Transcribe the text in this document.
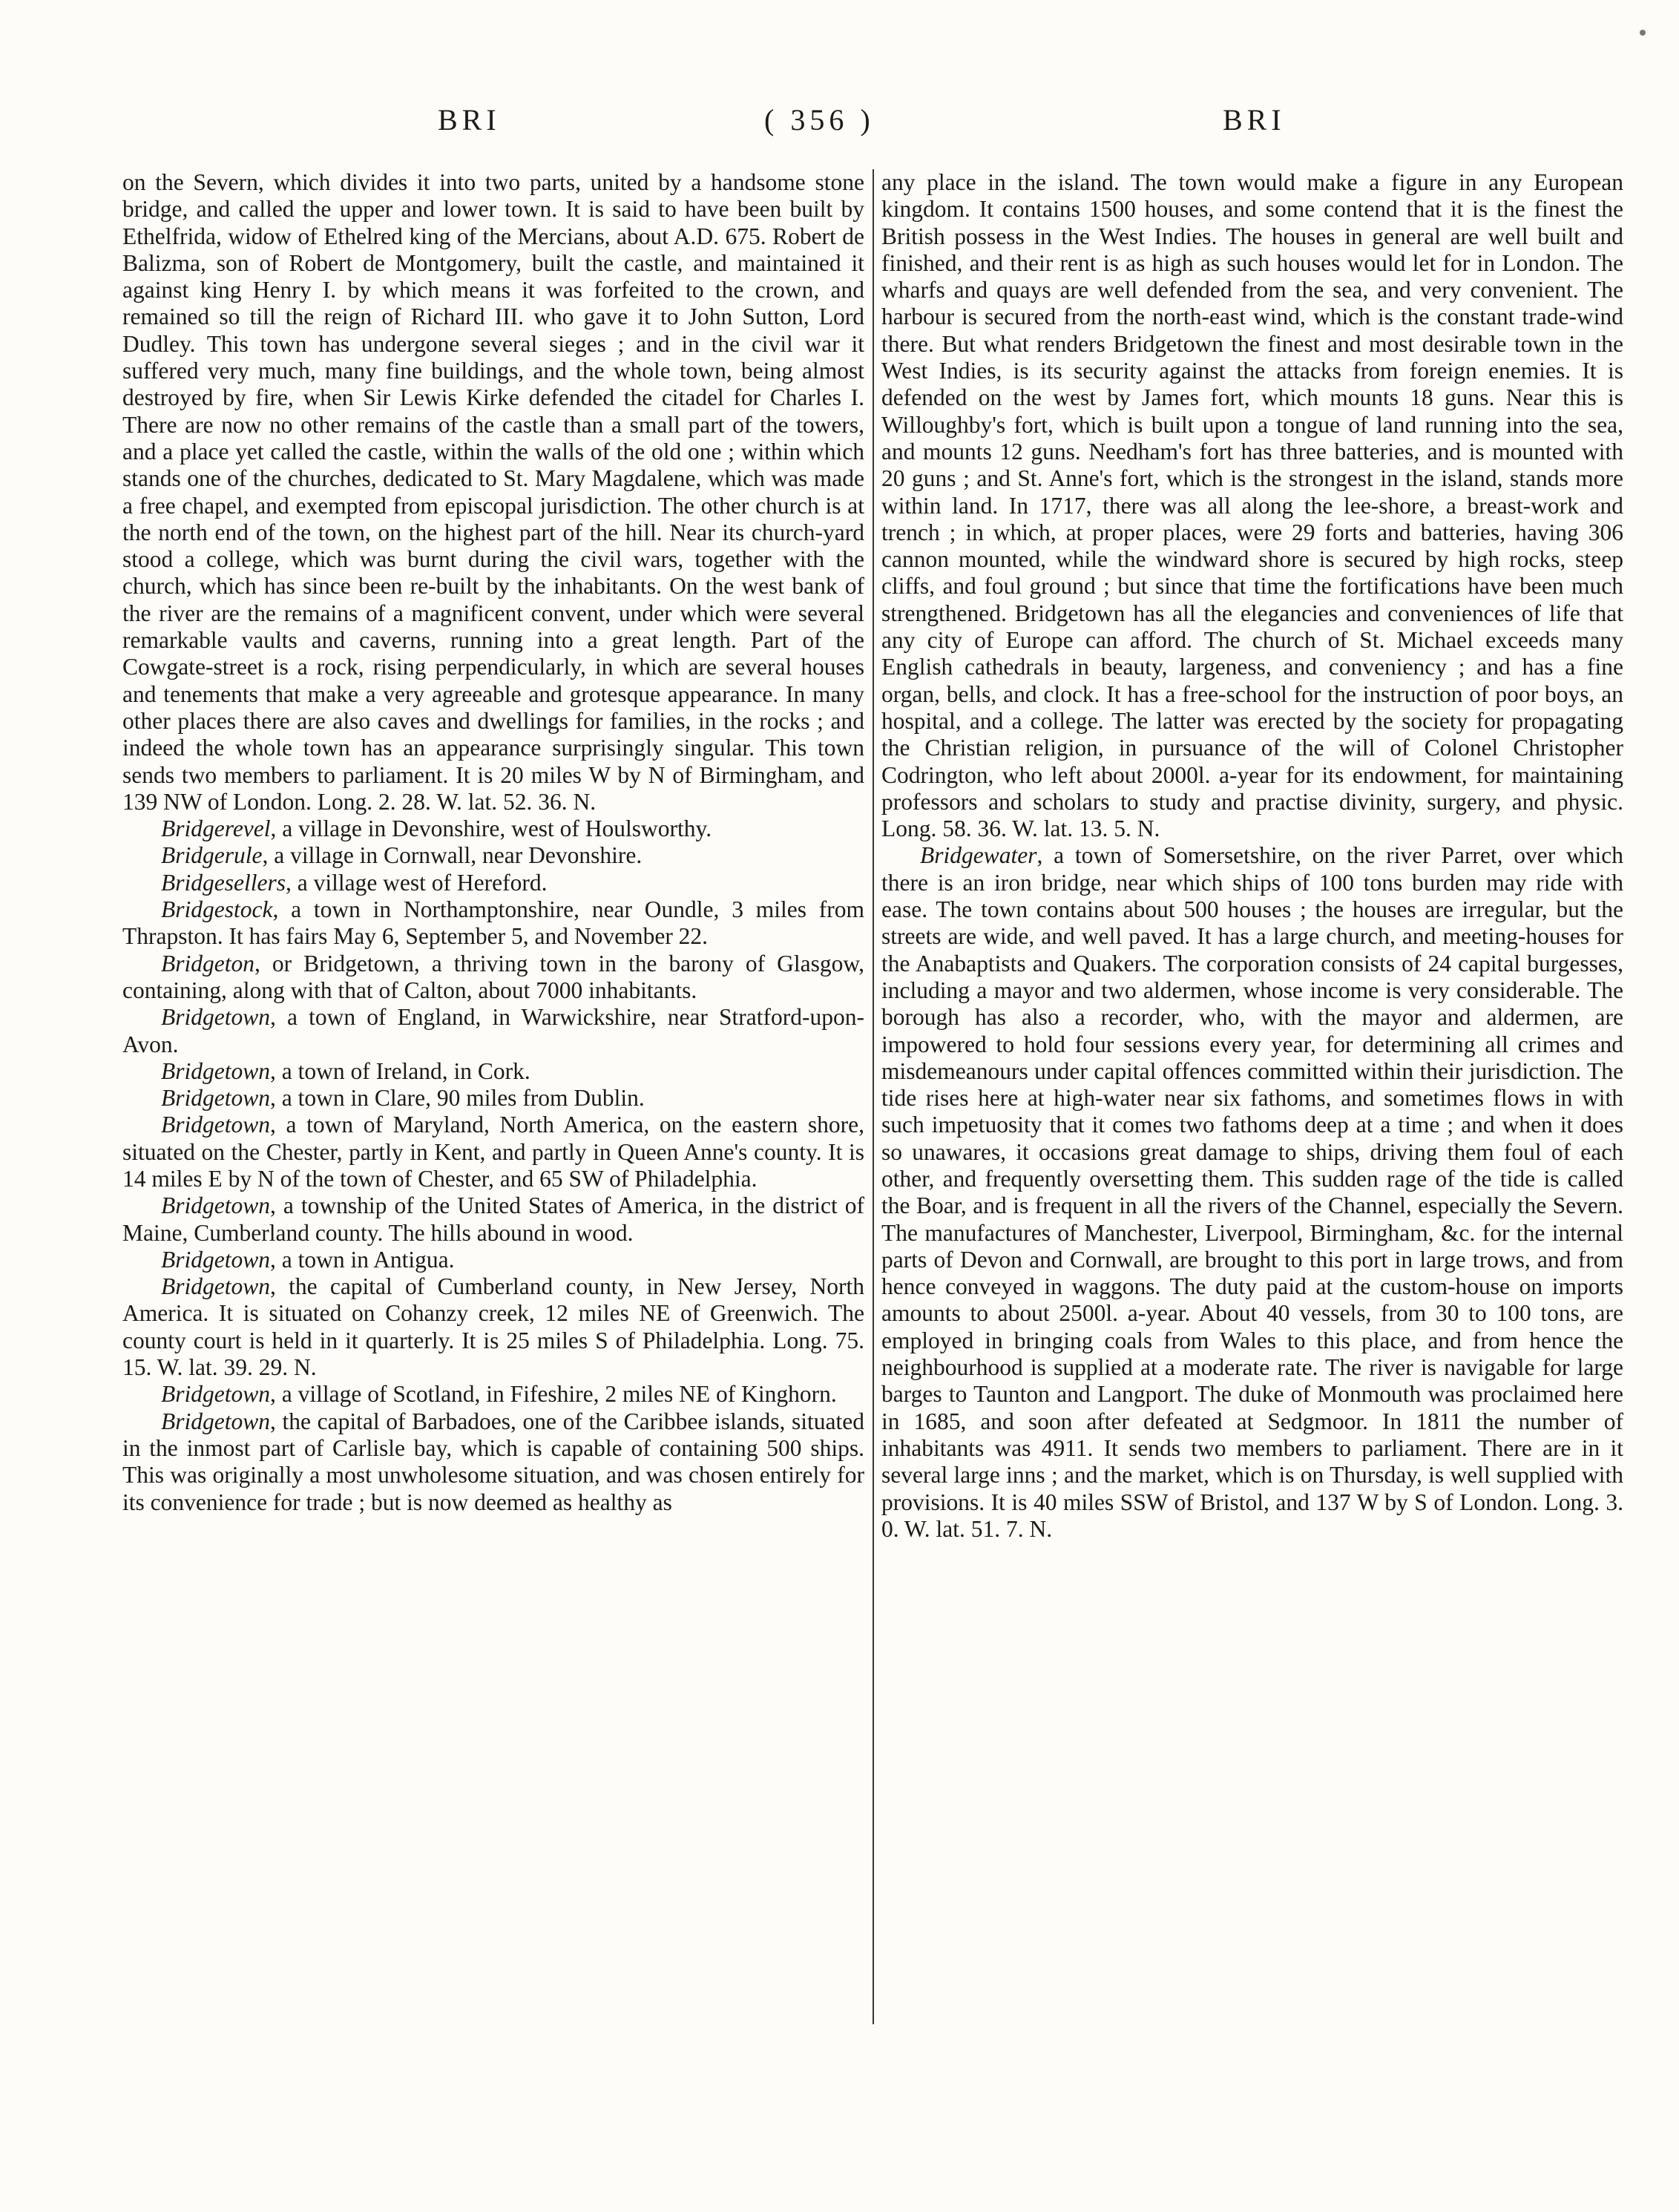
BRI	( 356 )	BRI

on the Severn, which divides it into two parts, united by a handsome stone bridge, and called the upper and lower town. It is said to have been built by Ethelfrida, widow of Ethelred king of the Mercians, about A.D. 675. Robert de Balizma, son of Robert de Montgomery, built the castle, and maintained it against king Henry I. by which means it was forfeited to the crown, and remained so till the reign of Richard III. who gave it to John Sutton, Lord Dudley. This town has undergone several sieges ; and in the civil war it suffered very much, many fine buildings, and the whole town, being almost destroyed by fire, when Sir Lewis Kirke defended the citadel for Charles I. There are now no other remains of the castle than a small part of the towers, and a place yet called the castle, within the walls of the old one ; within which stands one of the churches, dedicated to St. Mary Magdalene, which was made a free chapel, and exempted from episcopal jurisdiction. The other church is at the north end of the town, on the highest part of the hill. Near its church-yard stood a college, which was burnt during the civil wars, together with the church, which has since been re-built by the inhabitants. On the west bank of the river are the remains of a magnificent convent, under which were several remarkable vaults and caverns, running into a great length. Part of the Cowgate-street is a rock, rising perpendicularly, in which are several houses and tenements that make a very agreeable and grotesque appearance. In many other places there are also caves and dwellings for families, in the rocks ; and indeed the whole town has an appearance surprisingly singular. This town sends two members to parliament. It is 20 miles W by N of Birmingham, and 139 NW of London. Long. 2. 28. W. lat. 52. 36. N.

Bridgerevel, a village in Devonshire, west of Houlsworthy.

Bridgerule, a village in Cornwall, near Devonshire.

Bridgesellers, a village west of Hereford.

Bridgestock, a town in Northamptonshire, near Oundle, 3 miles from Thrapston. It has fairs May 6, September 5, and November 22.

Bridgeton, or Bridgetown, a thriving town in the barony of Glasgow, containing, along with that of Calton, about 7000 inhabitants.

Bridgetown, a town of England, in Warwickshire, near Stratford-upon-Avon.

Bridgetown, a town of Ireland, in Cork.

Bridgetown, a town in Clare, 90 miles from Dublin.

Bridgetown, a town of Maryland, North America, on the eastern shore, situated on the Chester, partly in Kent, and partly in Queen Anne's county. It is 14 miles E by N of the town of Chester, and 65 SW of Philadelphia.

Bridgetown, a township of the United States of America, in the district of Maine, Cumberland county. The hills abound in wood.

Bridgetown, a town in Antigua.

Bridgetown, the capital of Cumberland county, in New Jersey, North America. It is situated on Cohanzy creek, 12 miles NE of Greenwich. The county court is held in it quarterly. It is 25 miles S of Philadelphia. Long. 75. 15. W. lat. 39. 29. N.

Bridgetown, a village of Scotland, in Fifeshire, 2 miles NE of Kinghorn.

Bridgetown, the capital of Barbadoes, one of the Caribbee islands, situated in the inmost part of Carlisle bay, which is capable of containing 500 ships. This was originally a most unwholesome situation, and was chosen entirely for its convenience for trade ; but is now deemed as healthy as

any place in the island. The town would make a figure in any European kingdom. It contains 1500 houses, and some contend that it is the finest the British possess in the West Indies. The houses in general are well built and finished, and their rent is as high as such houses would let for in London. The wharfs and quays are well defended from the sea, and very convenient. The harbour is secured from the north-east wind, which is the constant trade-wind there. But what renders Bridgetown the finest and most desirable town in the West Indies, is its security against the attacks from foreign enemies. It is defended on the west by James fort, which mounts 18 guns. Near this is Willoughby's fort, which is built upon a tongue of land running into the sea, and mounts 12 guns. Needham's fort has three batteries, and is mounted with 20 guns ; and St. Anne's fort, which is the strongest in the island, stands more within land. In 1717, there was all along the lee-shore, a breast-work and trench ; in which, at proper places, were 29 forts and batteries, having 306 cannon mounted, while the windward shore is secured by high rocks, steep cliffs, and foul ground ; but since that time the fortifications have been much strengthened. Bridgetown has all the elegancies and conveniences of life that any city of Europe can afford. The church of St. Michael exceeds many English cathedrals in beauty, largeness, and conveniency ; and has a fine organ, bells, and clock. It has a free-school for the instruction of poor boys, an hospital, and a college. The latter was erected by the society for propagating the Christian religion, in pursuance of the will of Colonel Christopher Codrington, who left about 2000l. a-year for its endowment, for maintaining professors and scholars to study and practise divinity, surgery, and physic. Long. 58. 36. W. lat. 13. 5. N.

Bridgewater, a town of Somersetshire, on the river Parret, over which there is an iron bridge, near which ships of 100 tons burden may ride with ease. The town contains about 500 houses ; the houses are irregular, but the streets are wide, and well paved. It has a large church, and meeting-houses for the Anabaptists and Quakers. The corporation consists of 24 capital burgesses, including a mayor and two aldermen, whose income is very considerable. The borough has also a recorder, who, with the mayor and aldermen, are impowered to hold four sessions every year, for determining all crimes and misdemeanours under capital offences committed within their jurisdiction. The tide rises here at high-water near six fathoms, and sometimes flows in with such impetuosity that it comes two fathoms deep at a time ; and when it does so unawares, it occasions great damage to ships, driving them foul of each other, and frequently oversetting them. This sudden rage of the tide is called the Boar, and is frequent in all the rivers of the Channel, especially the Severn. The manufactures of Manchester, Liverpool, Birmingham, &c. for the internal parts of Devon and Cornwall, are brought to this port in large trows, and from hence conveyed in waggons. The duty paid at the custom-house on imports amounts to about 2500l. a-year. About 40 vessels, from 30 to 100 tons, are employed in bringing coals from Wales to this place, and from hence the neighbourhood is supplied at a moderate rate. The river is navigable for large barges to Taunton and Langport. The duke of Monmouth was proclaimed here in 1685, and soon after defeated at Sedgmoor. In 1811 the number of inhabitants was 4911. It sends two members to parliament. There are in it several large inns ; and the market, which is on Thursday, is well supplied with provisions. It is 40 miles SSW of Bristol, and 137 W by S of London. Long. 3. 0. W. lat. 51. 7. N.
